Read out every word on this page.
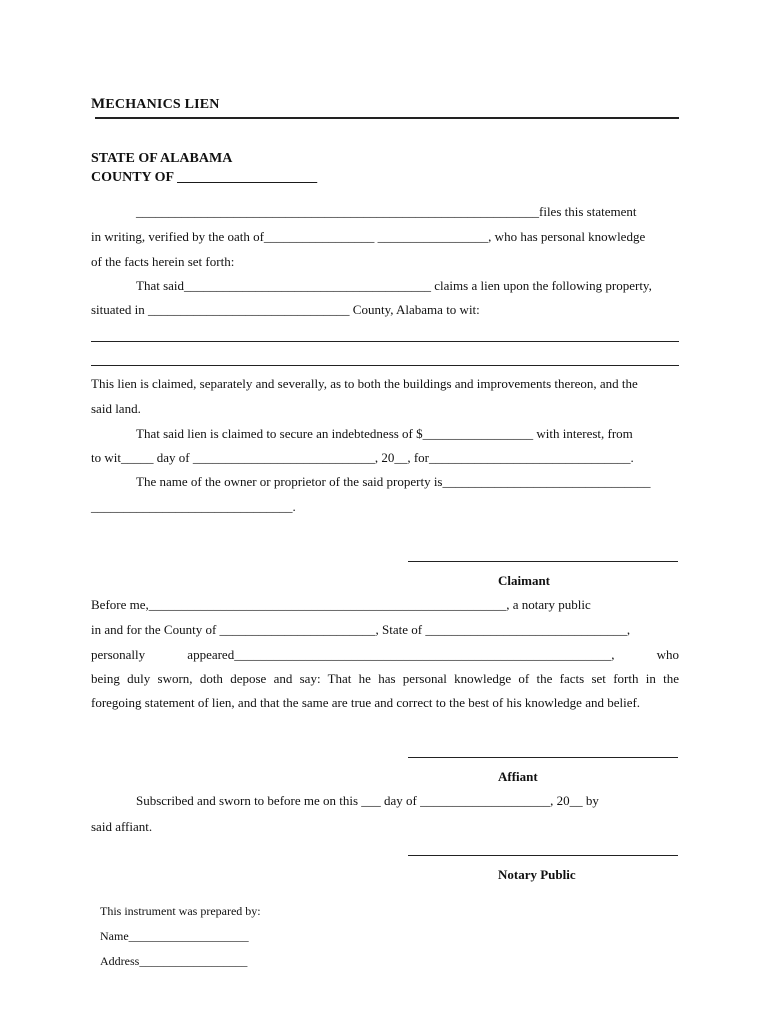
MECHANICS LIEN
STATE OF ALABAMA
COUNTY OF ____________________
______________________________________________________________files this statement
in writing, verified by the oath of_________________ _________________, who has personal knowledge
of the facts herein set forth:
That said______________________________________ claims a lien upon the following property,
situated in _______________________________ County, Alabama to wit:
This lien is claimed, separately and severally, as to both the buildings and improvements thereon, and the
said land.
That said lien is claimed to secure an indebtedness of $_________________ with interest, from
to wit_____ day of ____________________________, 20__, for_______________________________.
The name of the owner or proprietor of the said property is________________________________
_______________________________.
Claimant
Before me,_______________________________________________________, a notary public
in and for the County of ________________________, State of _______________________________,
personally	appeared__________________________________________________________,	who
being duly sworn, doth depose and say: That he has personal knowledge of the facts set forth in the
foregoing statement of lien, and that the same are true and correct to the best of his knowledge and belief.
Affiant
Subscribed and sworn to before me on this ___ day of ____________________, 20__ by
said affiant.
Notary Public
This instrument was prepared by:
Name____________________
Address__________________
